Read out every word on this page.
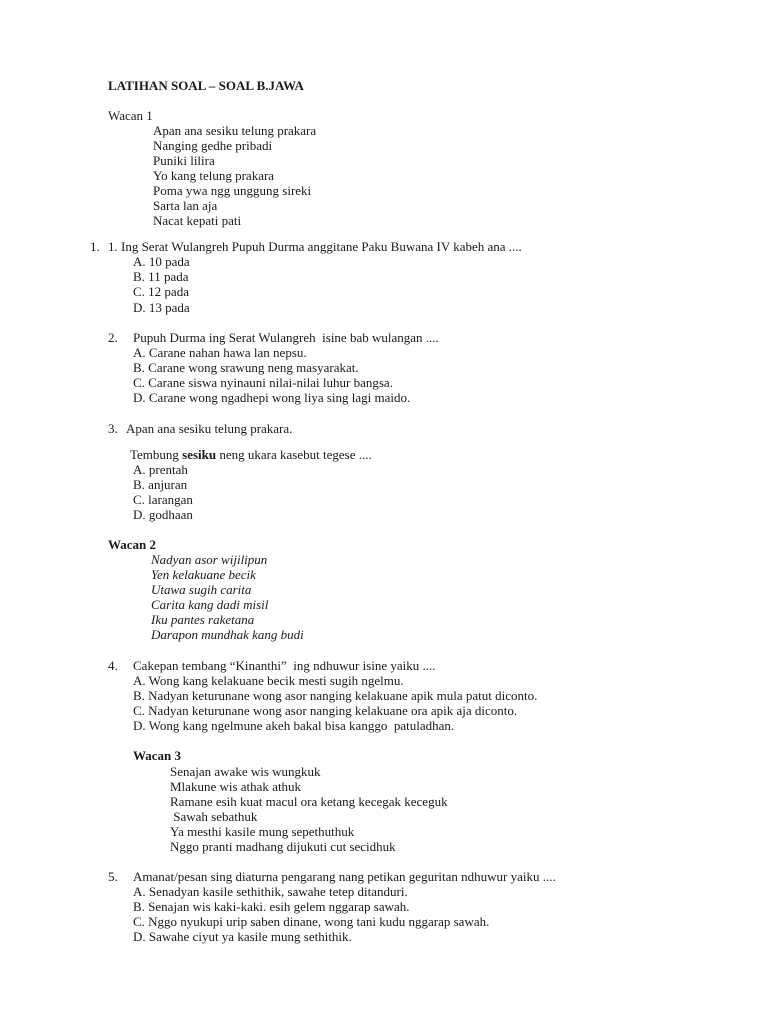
LATIHAN SOAL – SOAL B.JAWA
Wacan 1
Apan ana sesiku telung prakara
Nanging gedhe pribadi
Puniki lilira
Yo kang telung prakara
Poma ywa ngg unggung sireki
Sarta lan aja
Nacat kepati pati
1. 1. Ing Serat Wulangreh Pupuh Durma anggitane Paku Buwana IV kabeh ana ....
A. 10 pada
B. 11 pada
C. 12 pada
D. 13 pada
2. Pupuh Durma ing Serat Wulangreh  isine bab wulangan ....
A. Carane nahan hawa lan nepsu.
B. Carane wong srawung neng masyarakat.
C. Carane siswa nyinauni nilai-nilai luhur bangsa.
D. Carane wong ngadhepi wong liya sing lagi maido.
3. Apan ana sesiku telung prakara.
Tembung sesiku neng ukara kasebut tegese ....
A. prentah
B. anjuran
C. larangan
D. godhaan
Wacan 2
Nadyan asor wijilipun
Yen kelakuane becik
Utawa sugih carita
Carita kang dadi misil
Iku pantes raketana
Darapon mundhak kang budi
4. Cakepan tembang “Kinanthi”  ing ndhuwur isine yaiku ....
A. Wong kang kelakuane becik mesti sugih ngelmu.
B. Nadyan keturunane wong asor nanging kelakuane apik mula patut diconto.
C. Nadyan keturunane wong asor nanging kelakuane ora apik aja diconto.
D. Wong kang ngelmune akeh bakal bisa kanggo  patuladhan.
Wacan 3
Senajan awake wis wungkuk
Mlakune wis athak athuk
Ramane esih kuat macul ora ketang kecegak keceguk
Sawah sebathuk
Ya mesthi kasile mung sepethuthuk
Nggo pranti madhang dijukuti cut secidhuk
5. Amanat/pesan sing diaturna pengarang nang petikan geguritan ndhuwur yaiku ....
A. Senadyan kasile sethithik, sawahe tetep ditanduri.
B. Senajan wis kaki-kaki. esih gelem nggarap sawah.
C. Nggo nyukupi urip saben dinane, wong tani kudu nggarap sawah.
D. Sawahe ciyut ya kasile mung sethithik.
